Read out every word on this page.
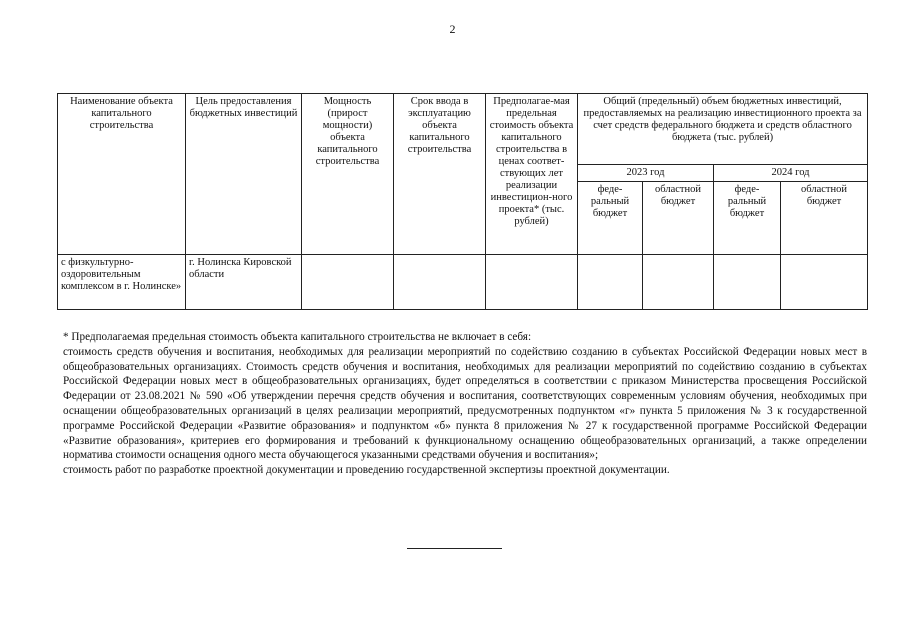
2
Наименование объекта капитального строительства	Цель предоставления бюджетных инвестиций	Мощность (прирост мощности) объекта капитального строительства	Срок ввода в эксплуатацию объекта капитального строительства	Предполагае-мая предельная стоимость объекта капитального строительства в ценах соответ-ствующих лет реализации инвестицион-ного проекта* (тыс. рублей)	Общий (предельный) объем бюджетных инвестиций, предоставляемых на реализацию инвестиционного проекта за счет средств федерального бюджета и средств областного бюджета (тыс. рублей)			
					2023 год		2024 год	
					феде-ральный бюджет	областной бюджет	феде-ральный бюджет	областной бюджет
с физкультурно-оздоровительным комплексом в г. Нолинске»	г. Нолинска Кировской области							

* Предполагаемая предельная стоимость объекта капитального строительства не включает в себя:

стоимость средств обучения и воспитания, необходимых для реализации мероприятий по содействию созданию в субъектах Российской Федерации новых мест в общеобразовательных организациях. Стоимость средств обучения и воспитания, необходимых для реализации мероприятий по содействию созданию в субъектах Российской Федерации новых мест в общеобразовательных организациях, будет определяться в соответствии с приказом Министерства просвещения Российской Федерации от 23.08.2021 № 590 «Об утверждении перечня средств обучения и воспитания, соответствующих современным условиям обучения, необходимых при оснащении общеобразовательных организаций в целях реализации мероприятий, предусмотренных подпунктом «г» пункта 5 приложения № 3 к государственной программе Российской Федерации «Развитие образования» и подпунктом «б» пункта 8 приложения № 27 к государственной программе Российской Федерации «Развитие образования», критериев его формирования и требований к функциональному оснащению общеобразовательных организаций, а также определении норматива стоимости оснащения одного места обучающегося указанными средствами обучения и воспитания»;

стоимость работ по разработке проектной документации и проведению государственной экспертизы проектной документации.
